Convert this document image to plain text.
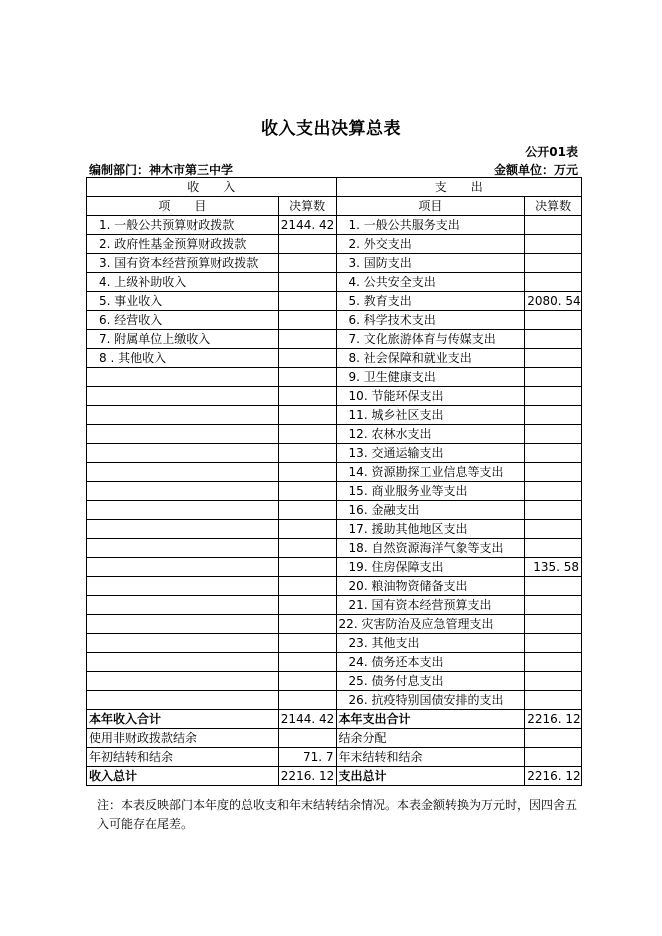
收入支出决算总表
公开01表
编制部门：神木市第三中学	金额单位：万元
收　　入		支　　出	
项　　目	决算数	项目	决算数
1. 一般公共预算财政拨款	2144. 42	1. 一般公共服务支出	
2. 政府性基金预算财政拨款		2. 外交支出	
3. 国有资本经营预算财政拨款		3. 国防支出	
4. 上级补助收入		4. 公共安全支出	
5. 事业收入		5. 教育支出	2080. 54
6. 经营收入		6. 科学技术支出	
7. 附属单位上缴收入		7. 文化旅游体育与传媒支出	
8 . 其他收入		8. 社会保障和就业支出	
		9. 卫生健康支出	
		10. 节能环保支出	
		11. 城乡社区支出	
		12. 农林水支出	
		13. 交通运输支出	
		14. 资源勘探工业信息等支出	
		15. 商业服务业等支出	
		16. 金融支出	
		17. 援助其他地区支出	
		18. 自然资源海洋气象等支出	
		19. 住房保障支出	135. 58
		20. 粮油物资储备支出	
		21. 国有资本经营预算支出	
		22. 灾害防治及应急管理支出	
		23. 其他支出	
		24. 债务还本支出	
		25. 债务付息支出	
		26. 抗疫特别国债安排的支出	
本年收入合计	2144. 42	本年支出合计	2216. 12
使用非财政拨款结余		结余分配	
年初结转和结余	71. 7	年末结转和结余	
收入总计	2216. 12	支出总计	2216. 12
注：本表反映部门本年度的总收支和年末结转结余情况。本表金额转换为万元时，因四舍五入可能存在尾差。
